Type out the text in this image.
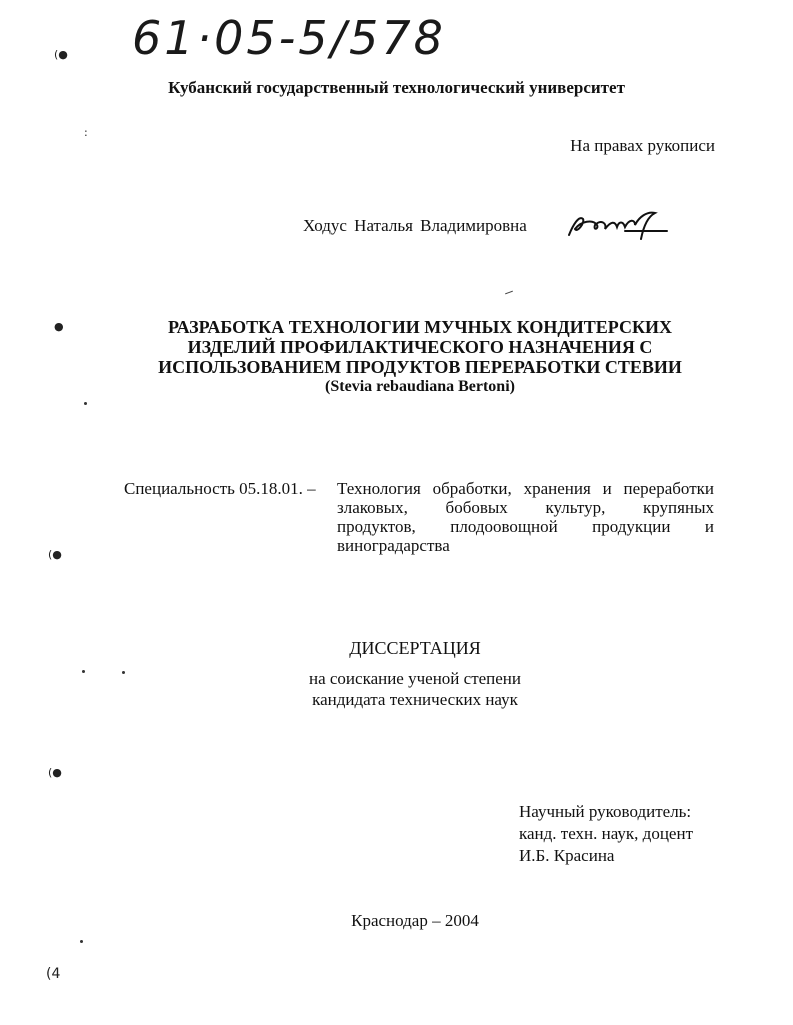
61·05-5/578
Кубанский государственный технологический университет
На правах рукописи
Ходус Наталья Владимировна
РАЗРАБОТКА ТЕХНОЛОГИИ МУЧНЫХ КОНДИТЕРСКИХ
ИЗДЕЛИЙ ПРОФИЛАКТИЧЕСКОГО НАЗНАЧЕНИЯ С
ИСПОЛЬЗОВАНИЕМ ПРОДУКТОВ ПЕРЕРАБОТКИ СТЕВИИ
(Stevia rebaudiana Bertoni)
Специальность 05.18.01. – Технология обработки, хранения и переработки
злаковых, бобовых культур, крупяных
продуктов, плодоовощной продукции и
виноградарства
ДИССЕРТАЦИЯ
на соискание ученой степени
кандидата технических наук
Научный руководитель:
канд. техн. наук, доцент
И.Б. Красина
Краснодар – 2004
(●
:
●
(●
(●
(4
